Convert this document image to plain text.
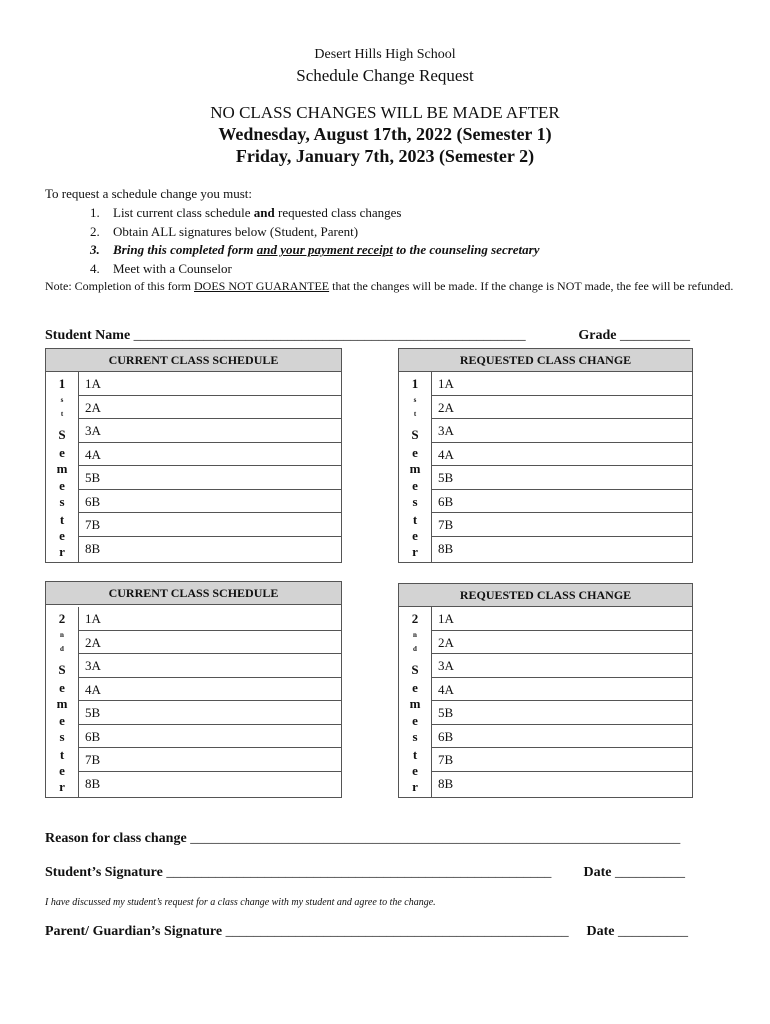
Desert Hills High School
Schedule Change Request
NO CLASS CHANGES WILL BE MADE AFTER
Wednesday, August 17th, 2022 (Semester 1)
Friday, January 7th, 2023 (Semester 2)
To request a schedule change you must:
1. List current class schedule and requested class changes
2. Obtain ALL signatures below (Student, Parent)
3. Bring this completed form and your payment receipt to the counseling secretary
4. Meet with a Counselor
Note: Completion of this form DOES NOT GUARANTEE that the changes will be made. If the change is NOT made, the fee will be refunded.
Student Name ________________________________________________________	Grade __________
CURRENT CLASS SCHEDULE
1
s
t
S
e
m
e
s
t
e
r
1A
2A
3A
4A
5B
6B
7B
8B
REQUESTED CLASS CHANGE
1
s
t
S
e
m
e
s
t
e
r
1A
2A
3A
4A
5B
6B
7B
8B
CURRENT CLASS SCHEDULE
2
n
d
S
e
m
e
s
t
e
r
1A
2A
3A
4A
5B
6B
7B
8B
REQUESTED CLASS CHANGE
2
n
d
S
e
m
e
s
t
e
r
1A
2A
3A
4A
5B
6B
7B
8B
Reason for class change ______________________________________________________________________
Student’s Signature _______________________________________________________ Date __________
I have discussed my student’s request for a class change with my student and agree to the change.
Parent/ Guardian’s Signature _________________________________________________ Date __________
